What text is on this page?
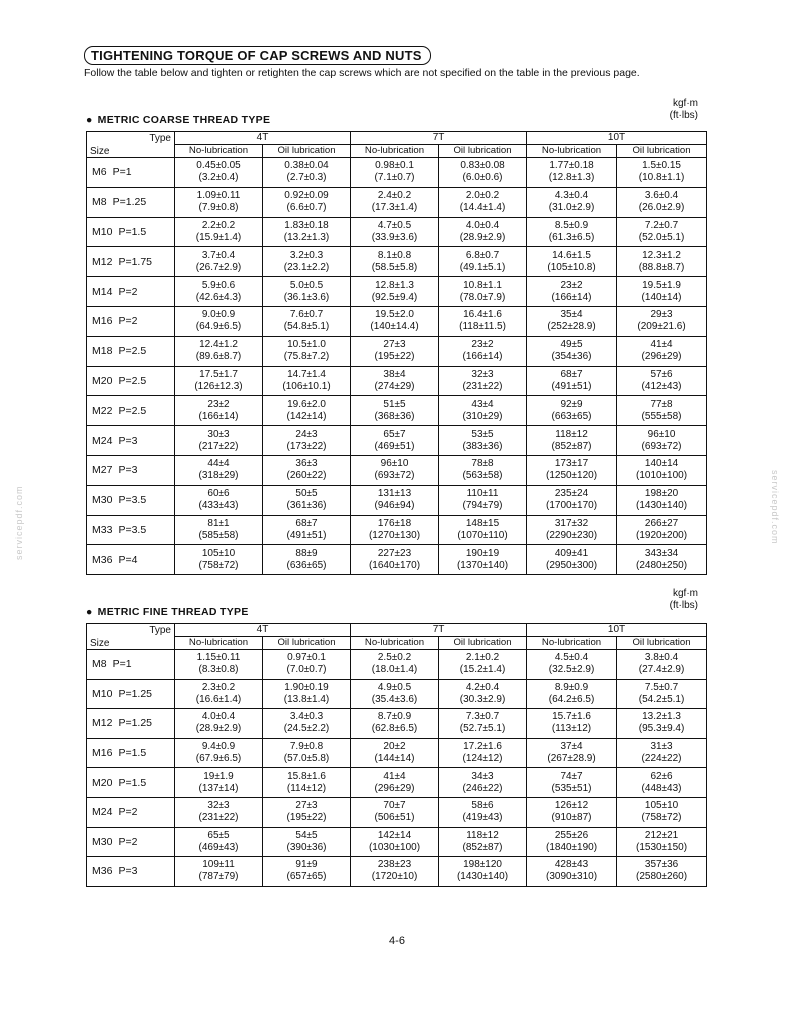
TIGHTENING TORQUE OF CAP SCREWS AND NUTS
Follow the table below and tighten or retighten the cap screws which are not specified on the table in the previous page.
kgf·m
(ft·lbs)
● METRIC COARSE THREAD TYPE
Type	4T		7T		10T	
Size	No-lubrication	Oil lubrication	No-lubrication	Oil lubrication	No-lubrication	Oil lubrication
M6 P=1	0.45±0.05
(3.2±0.4)	0.38±0.04
(2.7±0.3)	0.98±0.1
(7.1±0.7)	0.83±0.08
(6.0±0.6)	1.77±0.18
(12.8±1.3)	1.5±0.15
(10.8±1.1)

M8 P=1.25	1.09±0.11
(7.9±0.8)	0.92±0.09
(6.6±0.7)	2.4±0.2
(17.3±1.4)	2.0±0.2
(14.4±1.4)	4.3±0.4
(31.0±2.9)	3.6±0.4
(26.0±2.9)

M10 P=1.5	2.2±0.2
(15.9±1.4)	1.83±0.18
(13.2±1.3)	4.7±0.5
(33.9±3.6)	4.0±0.4
(28.9±2.9)	8.5±0.9
(61.3±6.5)	7.2±0.7
(52.0±5.1)

M12 P=1.75	3.7±0.4
(26.7±2.9)	3.2±0.3
(23.1±2.2)	8.1±0.8
(58.5±5.8)	6.8±0.7
(49.1±5.1)	14.6±1.5
(105±10.8)	12.3±1.2
(88.8±8.7)

M14 P=2	5.9±0.6
(42.6±4.3)	5.0±0.5
(36.1±3.6)	12.8±1.3
(92.5±9.4)	10.8±1.1
(78.0±7.9)	23±2
(166±14)	19.5±1.9
(140±14)

M16 P=2	9.0±0.9
(64.9±6.5)	7.6±0.7
(54.8±5.1)	19.5±2.0
(140±14.4)	16.4±1.6
(118±11.5)	35±4
(252±28.9)	29±3
(209±21.6)

M18 P=2.5	12.4±1.2
(89.6±8.7)	10.5±1.0
(75.8±7.2)	27±3
(195±22)	23±2
(166±14)	49±5
(354±36)	41±4
(296±29)

M20 P=2.5	17.5±1.7
(126±12.3)	14.7±1.4
(106±10.1)	38±4
(274±29)	32±3
(231±22)	68±7
(491±51)	57±6
(412±43)

M22 P=2.5	23±2
(166±14)	19.6±2.0
(142±14)	51±5
(368±36)	43±4
(310±29)	92±9
(663±65)	77±8
(555±58)

M24 P=3	30±3
(217±22)	24±3
(173±22)	65±7
(469±51)	53±5
(383±36)	118±12
(852±87)	96±10
(693±72)

M27 P=3	44±4
(318±29)	36±3
(260±22)	96±10
(693±72)	78±8
(563±58)	173±17
(1250±120)	140±14
(1010±100)

M30 P=3.5	60±6
(433±43)	50±5
(361±36)	131±13
(946±94)	110±11
(794±79)	235±24
(1700±170)	198±20
(1430±140)

M33 P=3.5	81±1
(585±58)	68±7
(491±51)	176±18
(1270±130)	148±15
(1070±110)	317±32
(2290±230)	266±27
(1920±200)

M36 P=4	105±10
(758±72)	88±9
(636±65)	227±23
(1640±170)	190±19
(1370±140)	409±41
(2950±300)	343±34
(2480±250)
kgf·m
(ft·lbs)
● METRIC FINE THREAD TYPE
Type	4T		7T		10T	
Size	No-lubrication	Oil lubrication	No-lubrication	Oil lubrication	No-lubrication	Oil lubrication
M8 P=1	1.15±0.11
(8.3±0.8)	0.97±0.1
(7.0±0.7)	2.5±0.2
(18.0±1.4)	2.1±0.2
(15.2±1.4)	4.5±0.4
(32.5±2.9)	3.8±0.4
(27.4±2.9)

M10 P=1.25	2.3±0.2
(16.6±1.4)	1.90±0.19
(13.8±1.4)	4.9±0.5
(35.4±3.6)	4.2±0.4
(30.3±2.9)	8.9±0.9
(64.2±6.5)	7.5±0.7
(54.2±5.1)

M12 P=1.25	4.0±0.4
(28.9±2.9)	3.4±0.3
(24.5±2.2)	8.7±0.9
(62.8±6.5)	7.3±0.7
(52.7±5.1)	15.7±1.6
(113±12)	13.2±1.3
(95.3±9.4)

M16 P=1.5	9.4±0.9
(67.9±6.5)	7.9±0.8
(57.0±5.8)	20±2
(144±14)	17.2±1.6
(124±12)	37±4
(267±28.9)	31±3
(224±22)

M20 P=1.5	19±1.9
(137±14)	15.8±1.6
(114±12)	41±4
(296±29)	34±3
(246±22)	74±7
(535±51)	62±6
(448±43)

M24 P=2	32±3
(231±22)	27±3
(195±22)	70±7
(506±51)	58±6
(419±43)	126±12
(910±87)	105±10
(758±72)

M30 P=2	65±5
(469±43)	54±5
(390±36)	142±14
(1030±100)	118±12
(852±87)	255±26
(1840±190)	212±21
(1530±150)

M36 P=3	109±11
(787±79)	91±9
(657±65)	238±23
(1720±10)	198±120
(1430±140)	428±43
(3090±310)	357±36
(2580±260)
4-6
servicepdf.com	servicepdf.com
